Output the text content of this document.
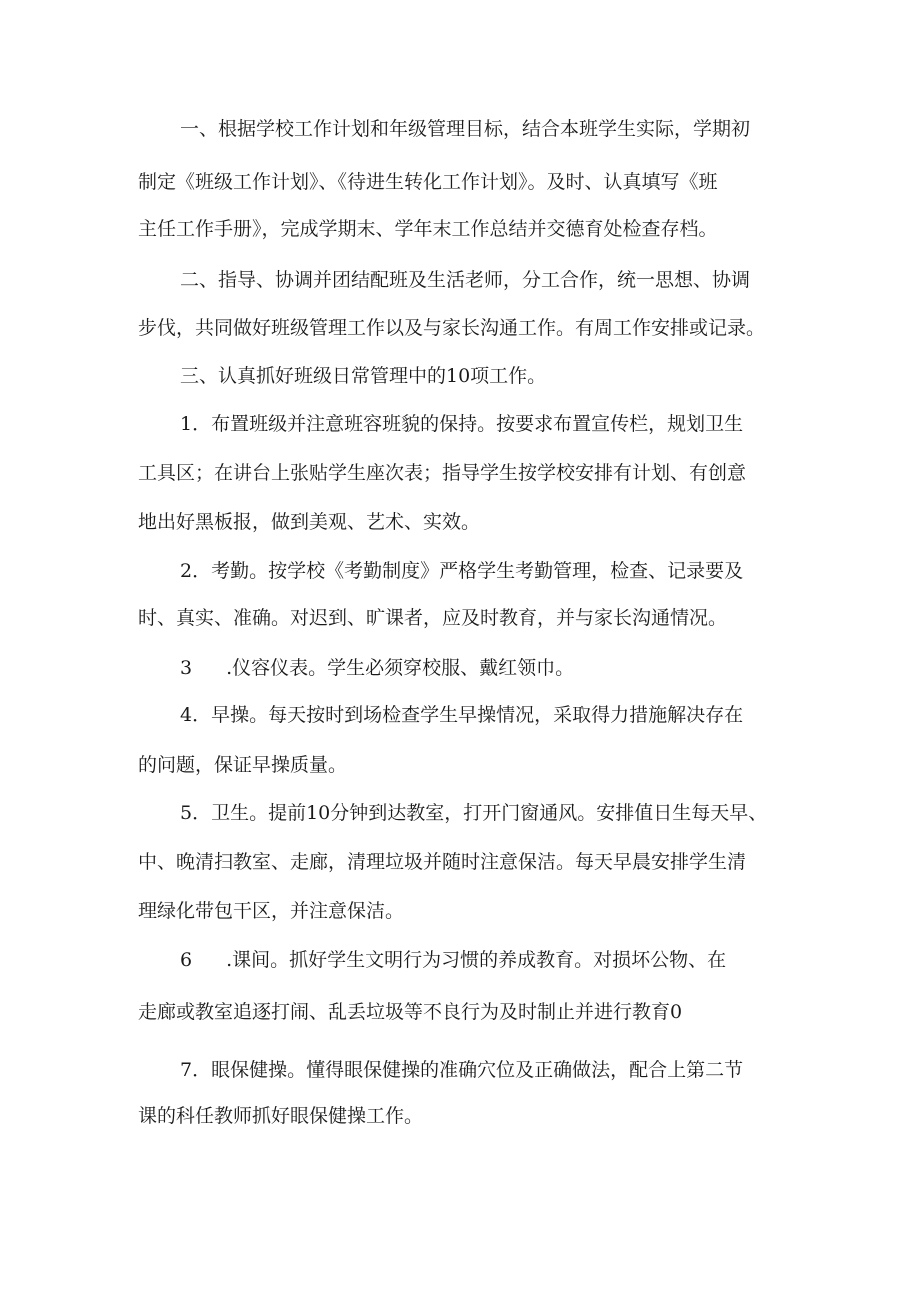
一、根据学校工作计划和年级管理目标，结合本班学生实际，学期初

制定《班级工作计划》、《待进生转化工作计划》。及时、认真填写《班

主任工作手册》，完成学期末、学年末工作总结并交德育处检查存档。

二、指导、协调并团结配班及生活老师，分工合作，统一思想、协调

步伐，共同做好班级管理工作以及与家长沟通工作。有周工作安排或记录。

三、认真抓好班级日常管理中的10项工作。

1．布置班级并注意班容班貌的保持。按要求布置宣传栏，规划卫生

工具区；在讲台上张贴学生座次表；指导学生按学校安排有计划、有创意

地出好黑板报，做到美观、艺术、实效。

2．考勤。按学校《考勤制度》严格学生考勤管理，检查、记录要及

时、真实、准确。对迟到、旷课者，应及时教育，并与家长沟通情况。

3 .仪容仪表。学生必须穿校服、戴红领巾。

4．早操。每天按时到场检查学生早操情况，采取得力措施解决存在

的问题，保证早操质量。

5．卫生。提前10分钟到达教室，打开门窗通风。安排值日生每天早、

中、晚清扫教室、走廊，清理垃圾并随时注意保洁。每天早晨安排学生清

理绿化带包干区，并注意保洁。

6 .课间。抓好学生文明行为习惯的养成教育。对损坏公物、在

走廊或教室追逐打闹、乱丢垃圾等不良行为及时制止并进行教育0

7．眼保健操。懂得眼保健操的准确穴位及正确做法，配合上第二节

课的科任教师抓好眼保健操工作。
